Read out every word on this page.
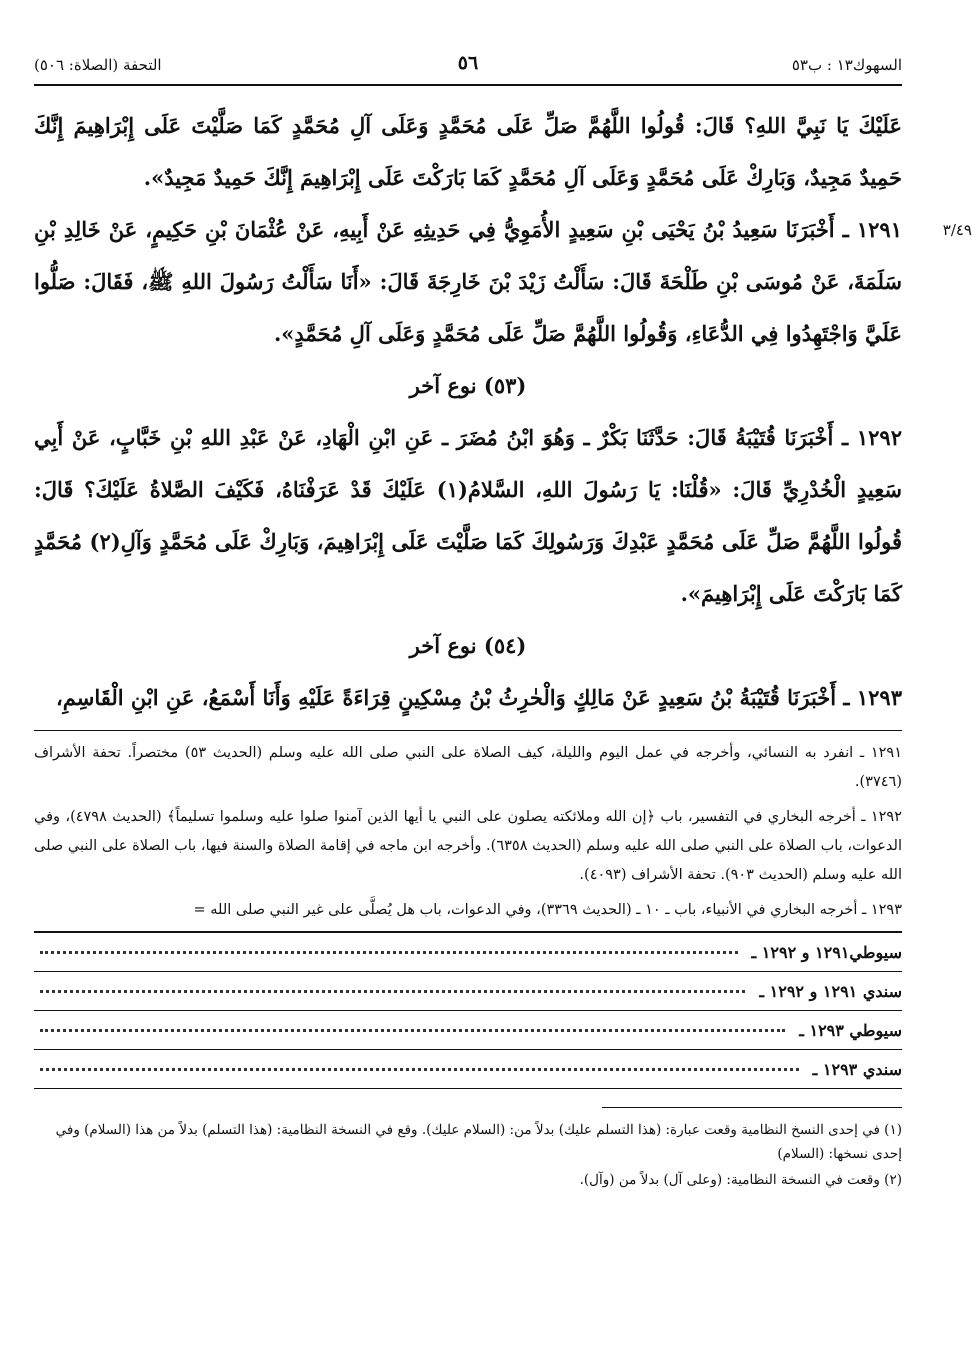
السهوك١٣ : ب٥٣
٥٦
التحفة (الصلاة: ٥٠٦)

عَلَيْكَ يَا نَبِيَّ اللهِ؟ قَالَ: قُولُوا اللَّهُمَّ صَلِّ عَلَى مُحَمَّدٍ وَعَلَى آلِ مُحَمَّدٍ كَمَا صَلَّيْتَ عَلَى إِبْرَاهِيمَ إِنَّكَ حَمِيدٌ مَجِيدٌ، وَبَارِكْ عَلَى مُحَمَّدٍ وَعَلَى آلِ مُحَمَّدٍ كَمَا بَارَكْتَ عَلَى إِبْرَاهِيمَ إِنَّكَ حَمِيدٌ مَجِيدٌ».

٣/٤٩
١٢٩١ ـ أَخْبَرَنَا سَعِيدُ بْنُ يَحْيَى بْنِ سَعِيدٍ الأُمَوِيُّ فِي حَدِيثِهِ عَنْ أَبِيهِ، عَنْ عُثْمَانَ بْنِ حَكِيمٍ، عَنْ خَالِدِ بْنِ سَلَمَةَ، عَنْ مُوسَى بْنِ طَلْحَةَ قَالَ: سَأَلْتُ زَيْدَ بْنَ خَارِجَةَ قَالَ: «أَنَا سَأَلْتُ رَسُولَ اللهِ ﷺ، فَقَالَ: صَلُّوا عَلَيَّ وَاجْتَهِدُوا فِي الدُّعَاءِ، وَقُولُوا اللَّهُمَّ صَلِّ عَلَى مُحَمَّدٍ وَعَلَى آلِ مُحَمَّدٍ».

(٥٣) نوع آخر

١٢٩٢ ـ أَخْبَرَنَا قُتَيْبَةُ قَالَ: حَدَّثَنَا بَكْرٌ ـ وَهُوَ ابْنُ مُضَرَ ـ عَنِ ابْنِ الْهَادِ، عَنْ عَبْدِ اللهِ بْنِ خَبَّابٍ، عَنْ أَبِي سَعِيدٍ الْخُدْرِيِّ قَالَ: «قُلْنَا: يَا رَسُولَ اللهِ، السَّلامُ(١) عَلَيْكَ قَدْ عَرَفْنَاهُ، فَكَيْفَ الصَّلاةُ عَلَيْكَ؟ قَالَ: قُولُوا اللَّهُمَّ صَلِّ عَلَى مُحَمَّدٍ عَبْدِكَ وَرَسُولِكَ كَمَا صَلَّيْتَ عَلَى إِبْرَاهِيمَ، وَبَارِكْ عَلَى مُحَمَّدٍ وَآلِ(٢) مُحَمَّدٍ كَمَا بَارَكْتَ عَلَى إِبْرَاهِيمَ».

(٥٤) نوع آخر

١٢٩٣ ـ أَخْبَرَنَا قُتَيْبَةُ بْنُ سَعِيدٍ عَنْ مَالِكٍ وَالْحٰرِثُ بْنُ مِسْكِينٍ قِرَاءَةً عَلَيْهِ وَأَنَا أَسْمَعُ، عَنِ ابْنِ الْقَاسِمِ،

١٢٩١ ـ انفرد به النسائي، وأخرجه في عمل اليوم والليلة، كيف الصلاة على النبي صلى الله عليه وسلم (الحديث ٥٣) مختصراً. تحفة الأشراف (٣٧٤٦).

١٢٩٢ ـ أخرجه البخاري في التفسير، باب ﴿إن الله وملائكته يصلون على النبي يا أيها الذين آمنوا صلوا عليه وسلموا تسليماً﴾ (الحديث ٤٧٩٨)، وفي الدعوات، باب الصلاة على النبي صلى الله عليه وسلم (الحديث ٦٣٥٨). وأخرجه ابن ماجه في إقامة الصلاة والسنة فيها، باب الصلاة على النبي صلى الله عليه وسلم (الحديث ٩٠٣). تحفة الأشراف (٤٠٩٣).

١٢٩٣ ـ أخرجه البخاري في الأنبياء، باب ـ ١٠ ـ (الحديث ٣٣٦٩)، وفي الدعوات، باب هل يُصلَّى على غير النبي صلى الله =

سيوطي١٢٩١ و ١٢٩٢ ـ
سندي ١٢٩١ و ١٢٩٢ ـ
سيوطي ١٢٩٣ ـ
سندي ١٢٩٣ ـ

(١) في إحدى النسخ النظامية وقعت عبارة: (هذا التسلم عليك) بدلاً من: (السلام عليك). وقع في النسخة النظامية: (هذا التسلم) بدلاً من هذا (السلام) وفي إحدى نسخها: (السلام)

(٢) وقعت في النسخة النظامية: (وعلى آل) بدلاً من (وآل).
